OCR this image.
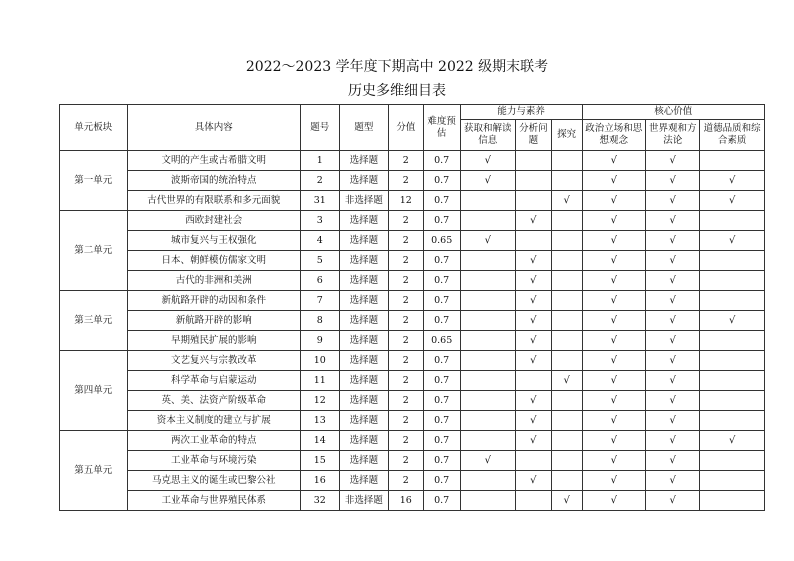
2022～2023 学年度下期高中 2022 级期末联考
历史多维细目表
单元板块	具体内容	题号	题型	分值	难度预估	能力与素养			核心价值		
						获取和解读信息	分析问题	探究	政治立场和思想观念	世界观和方法论	道德品质和综合素质
第一单元	文明的产生或古希腊文明	1	选择题	2	0.7	√			√	√	
	波斯帝国的统治特点	2	选择题	2	0.7	√			√	√	√
	古代世界的有限联系和多元面貌	31	非选择题	12	0.7			√	√	√	√
第二单元	西欧封建社会	3	选择题	2	0.7		√		√	√	
	城市复兴与王权强化	4	选择题	2	0.65	√			√	√	√
	日本、朝鲜模仿儒家文明	5	选择题	2	0.7		√		√	√	
	古代的非洲和美洲	6	选择题	2	0.7		√		√	√	
第三单元	新航路开辟的动因和条件	7	选择题	2	0.7		√		√	√	
	新航路开辟的影响	8	选择题	2	0.7		√		√	√	√
	早期殖民扩展的影响	9	选择题	2	0.65		√		√	√	
第四单元	文艺复兴与宗教改革	10	选择题	2	0.7		√		√	√	
	科学革命与启蒙运动	11	选择题	2	0.7			√	√	√	
	英、美、法资产阶级革命	12	选择题	2	0.7		√		√	√	
	资本主义制度的建立与扩展	13	选择题	2	0.7		√		√	√	
第五单元	两次工业革命的特点	14	选择题	2	0.7		√		√	√	√
	工业革命与环境污染	15	选择题	2	0.7	√			√	√	
	马克思主义的诞生或巴黎公社	16	选择题	2	0.7		√		√	√	
	工业革命与世界殖民体系	32	非选择题	16	0.7			√	√	√	
